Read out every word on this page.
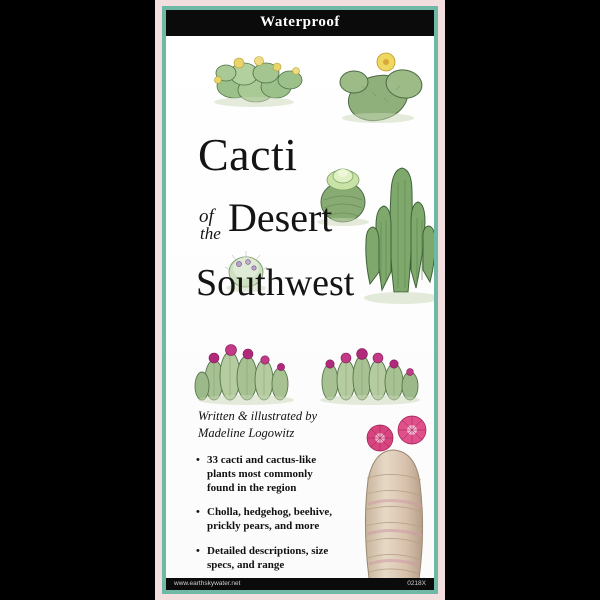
Waterproof
Cacti
of
the Desert
Southwest
Written & illustrated by
Madeline Logowitz
• 33 cacti and cactus-like plants most commonly found in the region
• Cholla, hedgehog, beehive, prickly pears, and more
• Detailed descriptions, size specs, and range
www.earthskywater.net	0218X
